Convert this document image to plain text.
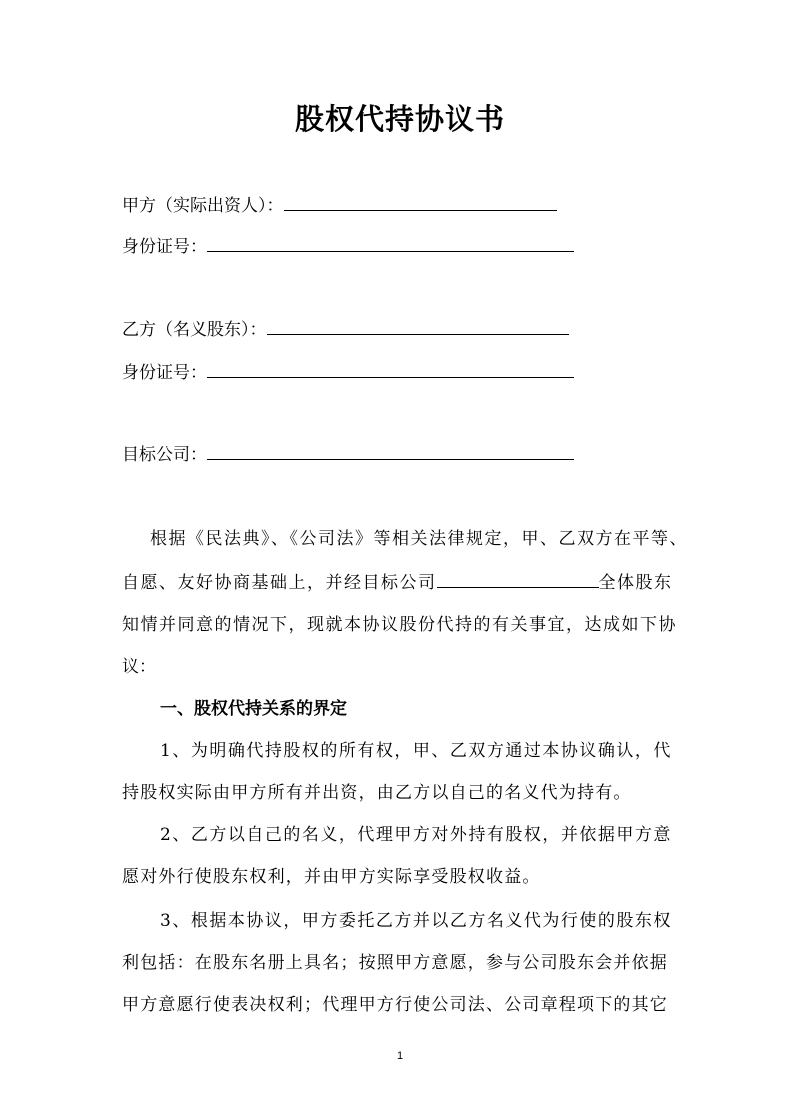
股权代持协议书
甲方（实际出资人）：
身份证号：
乙方（名义股东）：
身份证号：
目标公司：
根据《民法典》、《公司法》等相关法律规定，甲、乙双方在平等、
自愿、友好协商基础上，并经目标公司	全体股东
知情并同意的情况下，现就本协议股份代持的有关事宜，达成如下协
议：
一、股权代持关系的界定
1、为明确代持股权的所有权，甲、乙双方通过本协议确认，代
持股权实际由甲方所有并出资，由乙方以自己的名义代为持有。
2、乙方以自己的名义，代理甲方对外持有股权，并依据甲方意
愿对外行使股东权利，并由甲方实际享受股权收益。
3、根据本协议，甲方委托乙方并以乙方名义代为行使的股东权
利包括：在股东名册上具名；按照甲方意愿，参与公司股东会并依据
甲方意愿行使表决权利；代理甲方行使公司法、公司章程项下的其它
1
